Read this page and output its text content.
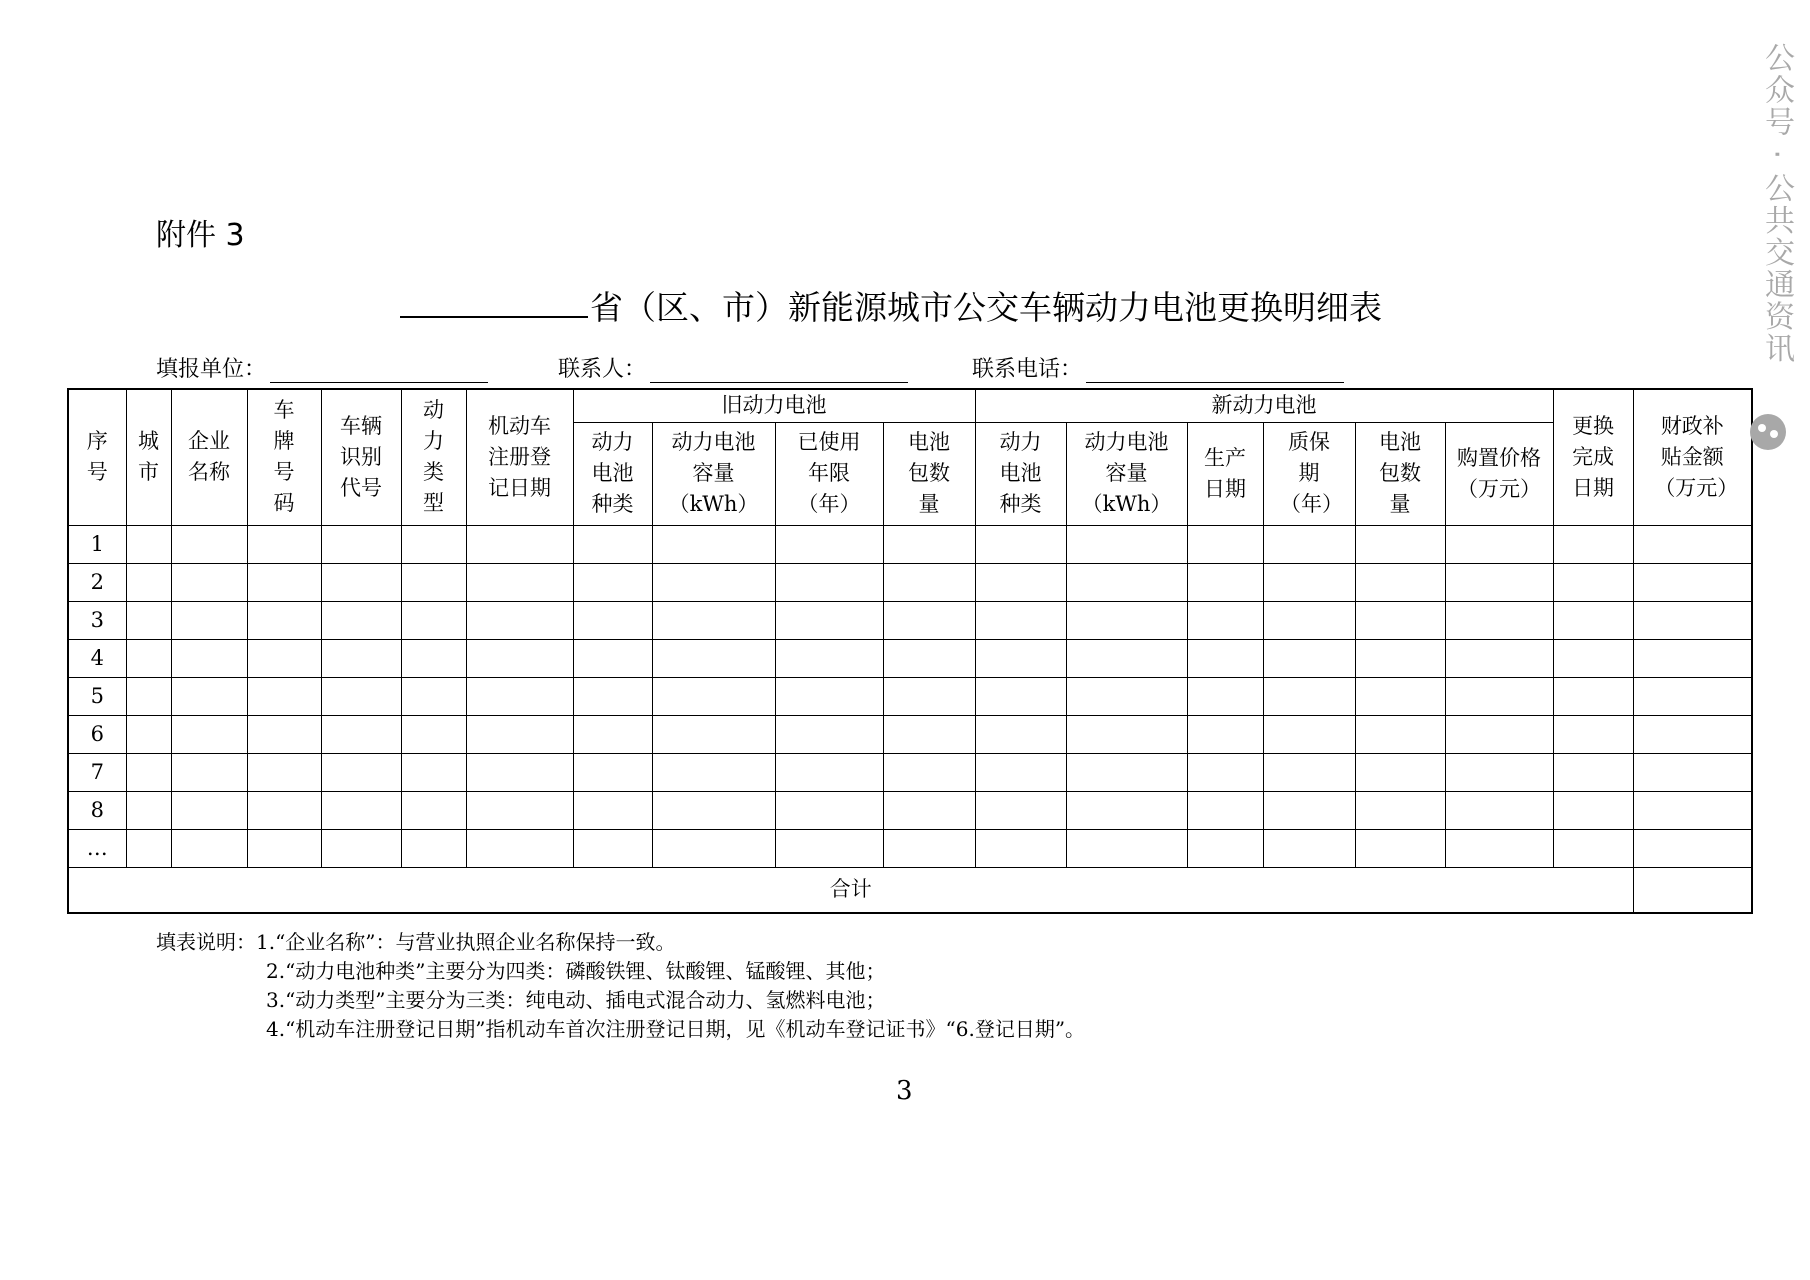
附件 3
省（区、市）新能源城市公交车辆动力电池更换明细表
填报单位：	联系人：	联系电话：
序号	城市	企业名称	车牌号码	车辆识别代号	动力类型	机动车注册登记日期	旧动力电池				新动力电池						更换完成日期	财政补贴金额（万元）

							动力电池种类	动力电池容量（kWh）	已使用年限（年）	电池包数量	动力电池种类	动力电池容量（kWh）	生产日期	质保期（年）	电池包数量	购置价格（万元）		

1																		
2																		
3																		
4																		
5																		
6																		
7																		
8																		
…																		
合计																		
填表说明：1.“企业名称”：与营业执照企业名称保持一致。
2.“动力电池种类”主要分为四类：磷酸铁锂、钛酸锂、锰酸锂、其他；
3.“动力类型”主要分为三类：纯电动、插电式混合动力、氢燃料电池；
4.“机动车注册登记日期”指机动车首次注册登记日期，见《机动车登记证书》“6.登记日期”。
3
公众号 · 公共交通资讯
